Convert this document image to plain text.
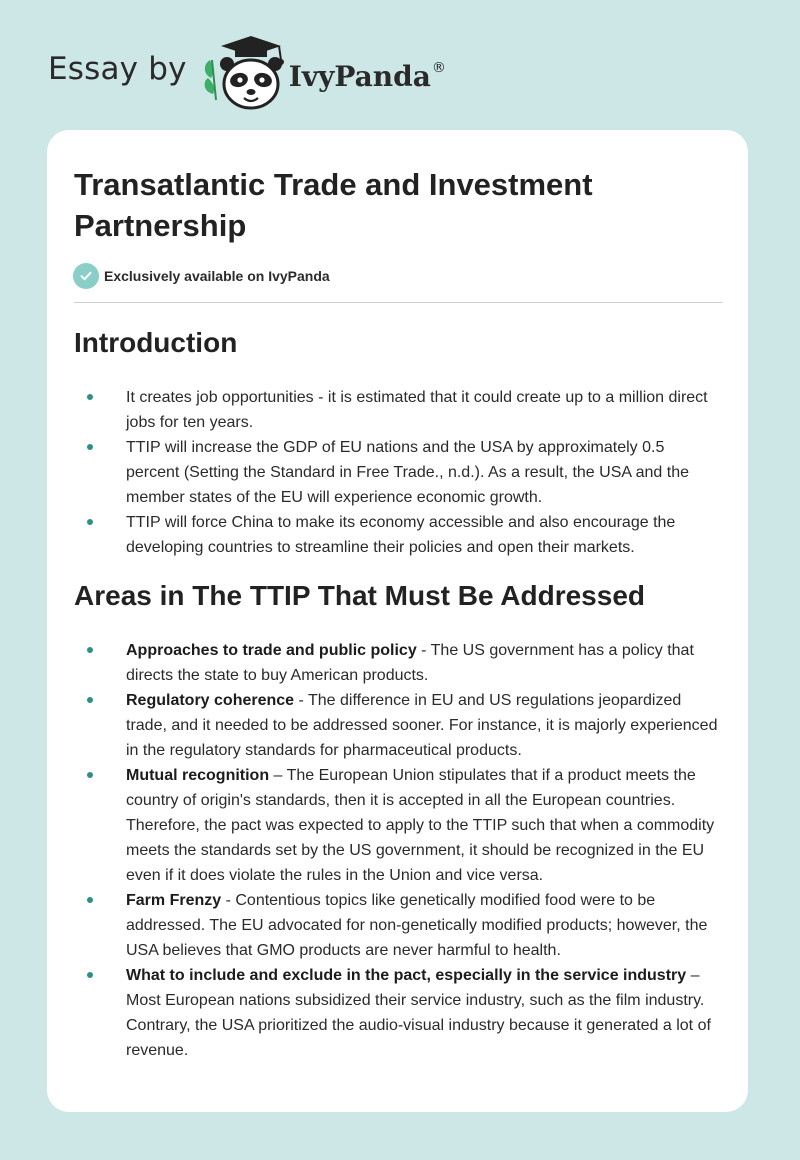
Essay by	IvyPanda®
Transatlantic Trade and Investment Partnership
Exclusively available on IvyPanda
Introduction
It creates job opportunities - it is estimated that it could create up to a million direct jobs for ten years.
TTIP will increase the GDP of EU nations and the USA by approximately 0.5 percent (Setting the Standard in Free Trade., n.d.). As a result, the USA and the member states of the EU will experience economic growth.
TTIP will force China to make its economy accessible and also encourage the developing countries to streamline their policies and open their markets.
Areas in The TTIP That Must Be Addressed
Approaches to trade and public policy - The US government has a policy that directs the state to buy American products.
Regulatory coherence - The difference in EU and US regulations jeopardized trade, and it needed to be addressed sooner. For instance, it is majorly experienced in the regulatory standards for pharmaceutical products.
Mutual recognition – The European Union stipulates that if a product meets the country of origin's standards, then it is accepted in all the European countries. Therefore, the pact was expected to apply to the TTIP such that when a commodity meets the standards set by the US government, it should be recognized in the EU even if it does violate the rules in the Union and vice versa.
Farm Frenzy - Contentious topics like genetically modified food were to be addressed. The EU advocated for non-genetically modified products; however, the USA believes that GMO products are never harmful to health.
What to include and exclude in the pact, especially in the service industry – Most European nations subsidized their service industry, such as the film industry. Contrary, the USA prioritized the audio-visual industry because it generated a lot of revenue.
